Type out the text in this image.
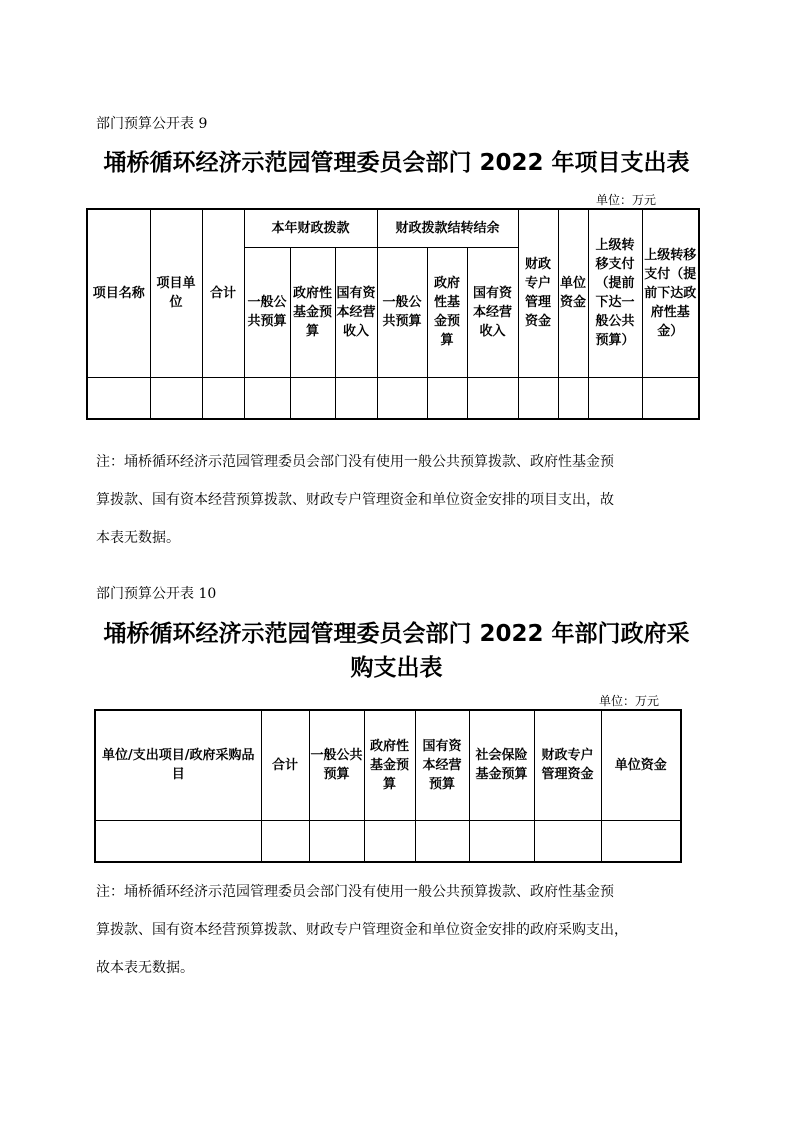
部门预算公开表 9
埇桥循环经济示范园管理委员会部门 2022 年项目支出表
单位：万元
项目名称	项目单位	合计	本年财政拨款			财政拨款结转结余			财政专户管理资金	单位资金	上级转移支付（提前下达一般公共预算）	上级转移支付（提前下达政府性基金）
			一般公共预算	政府性基金预算	国有资本经营收入	一般公共预算	政府性基金预算	国有资本经营收入				

注：埇桥循环经济示范园管理委员会部门没有使用一般公共预算拨款、政府性基金预
算拨款、国有资本经营预算拨款、财政专户管理资金和单位资金安排的项目支出，故
本表无数据。
部门预算公开表 10
埇桥循环经济示范园管理委员会部门 2022 年部门政府采
购支出表
单位：万元
单位/支出项目/政府采购品目	合计	一般公共预算	政府性基金预算	国有资本经营预算	社会保险基金预算	财政专户管理资金	单位资金

注：埇桥循环经济示范园管理委员会部门没有使用一般公共预算拨款、政府性基金预
算拨款、国有资本经营预算拨款、财政专户管理资金和单位资金安排的政府采购支出，
故本表无数据。
